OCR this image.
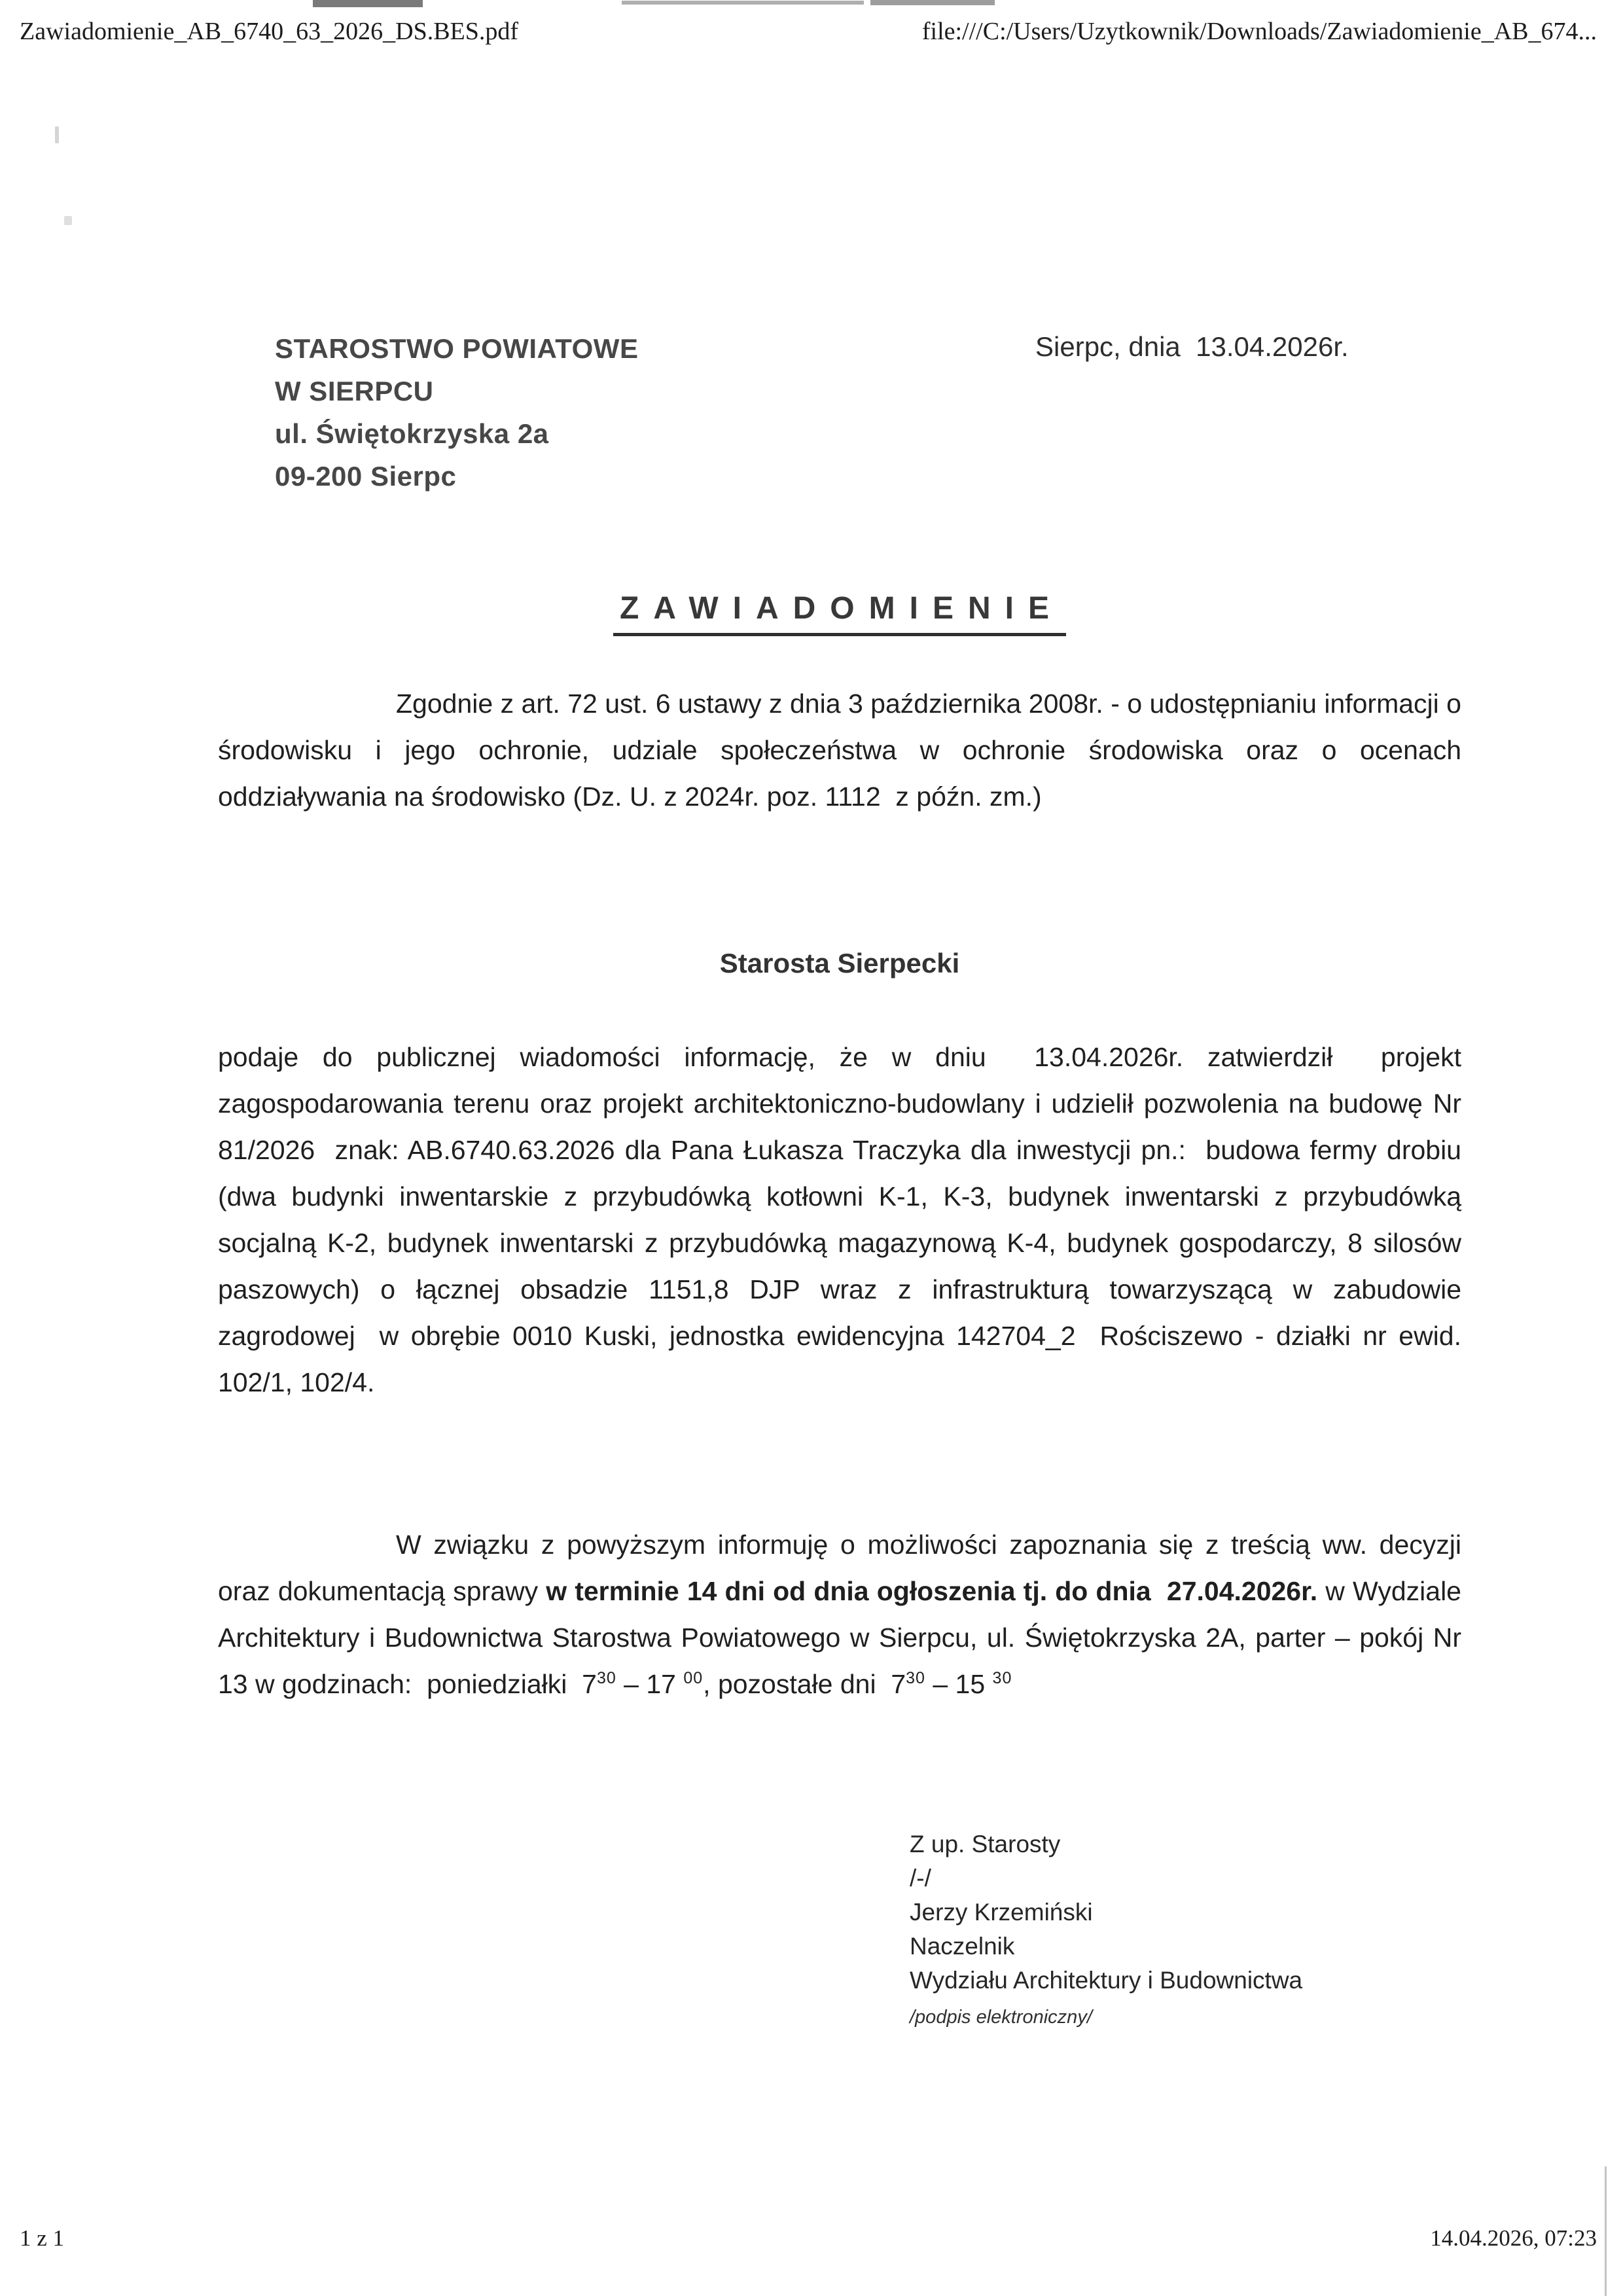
Zawiadomienie_AB_6740_63_2026_DS.BES.pdf	file:///C:/Users/Uzytkownik/Downloads/Zawiadomienie_AB_674...
STAROSTWO POWIATOWE
W SIERPCU
ul. Świętokrzyska 2a
09-200 Sierpc
Sierpc, dnia  13.04.2026r.
ZAWIADOMIENIE
Zgodnie z art. 72 ust. 6 ustawy z dnia 3 października 2008r. - o udostępnianiu informacji o środowisku i jego ochronie, udziale społeczeństwa w ochronie środowiska oraz o ocenach oddziaływania na środowisko (Dz. U. z 2024r. poz. 1112  z późn. zm.)
Starosta Sierpecki
podaje do publicznej wiadomości informację, że w dniu  13.04.2026r. zatwierdził  projekt zagospodarowania terenu oraz projekt architektoniczno-budowlany i udzielił pozwolenia na budowę Nr 81/2026  znak: AB.6740.63.2026 dla Pana Łukasza Traczyka dla inwestycji pn.:  budowa fermy drobiu (dwa budynki inwentarskie z przybudówką kotłowni K-1, K-3, budynek inwentarski z przybudówką socjalną K-2, budynek inwentarski z przybudówką magazynową K-4, budynek gospodarczy, 8 silosów paszowych) o łącznej obsadzie 1151,8 DJP wraz z infrastrukturą towarzyszącą w zabudowie zagrodowej  w obrębie 0010 Kuski, jednostka ewidencyjna 142704_2  Rościszewo - działki nr ewid. 102/1, 102/4.
W związku z powyższym informuję o możliwości zapoznania się z treścią ww. decyzji oraz dokumentacją sprawy w terminie 14 dni od dnia ogłoszenia tj. do dnia  27.04.2026r. w Wydziale Architektury i Budownictwa Starostwa Powiatowego w Sierpcu, ul. Świętokrzyska 2A, parter – pokój Nr 13 w godzinach:  poniedziałki  $7^{30} - 17$ $^{00}$, pozostałe dni  $7^{30} - 15$ $^{30}$
Z up. Starosty
/-/
Jerzy Krzemiński
Naczelnik
Wydziału Architektury i Budownictwa
/podpis elektroniczny/
1 z 1	14.04.2026, 07:23
